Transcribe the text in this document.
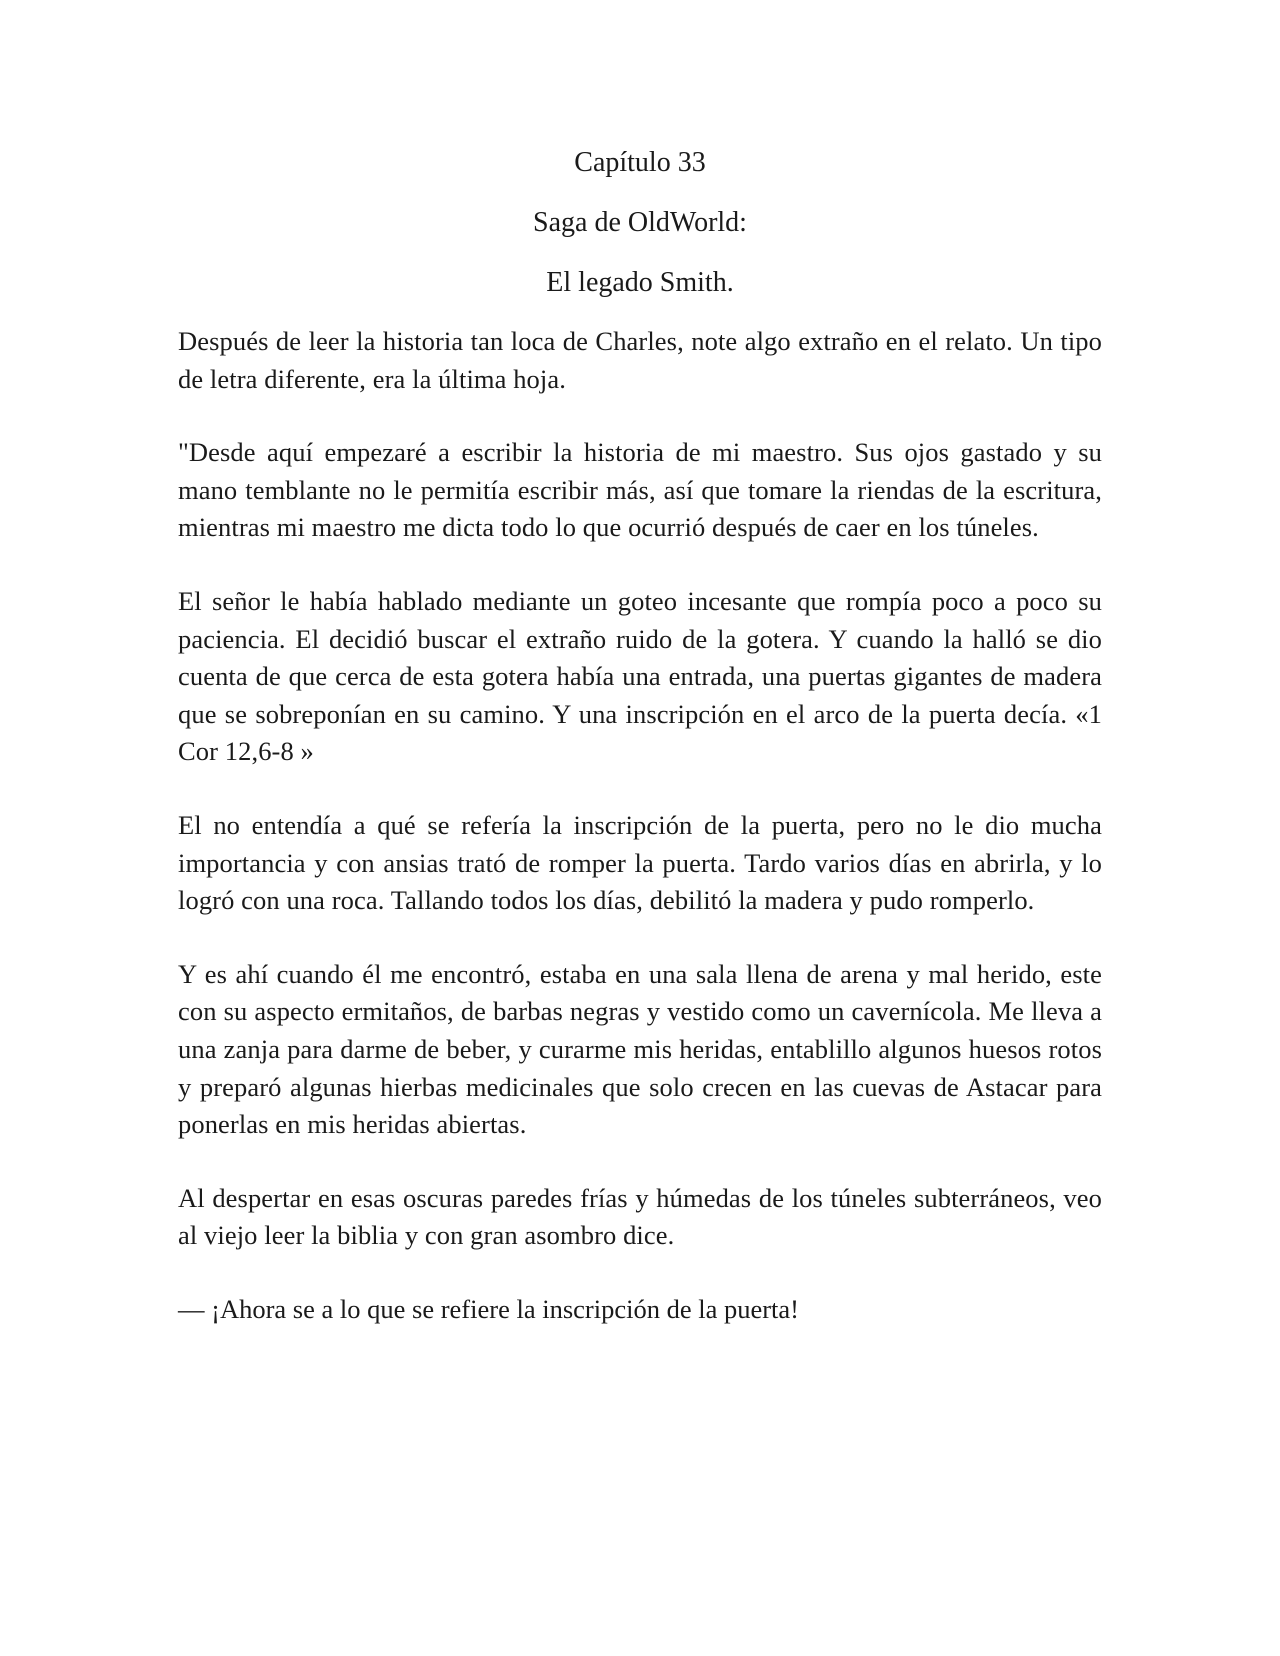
Capítulo 33
Saga de OldWorld:
El legado Smith.

Después de leer la historia tan loca de Charles, note algo extraño en el relato. Un tipo de letra diferente, era la última hoja.

"Desde aquí empezaré a escribir la historia de mi maestro. Sus ojos gastado y su mano temblante no le permitía escribir más, así que tomare la riendas de la escritura, mientras mi maestro me dicta todo lo que ocurrió después de caer en los túneles.

El señor le había hablado mediante un goteo incesante que rompía poco a poco su paciencia. El decidió buscar el extraño ruido de la gotera. Y cuando la halló se dio cuenta de que cerca de esta gotera había una entrada, una puertas gigantes de madera que se sobreponían en su camino. Y una inscripción en el arco de la puerta decía. «1 Cor 12,6-8 »

El no entendía a qué se refería la inscripción de la puerta, pero no le dio mucha importancia y con ansias trató de romper la puerta. Tardo varios días en abrirla, y lo logró con una roca. Tallando todos los días, debilitó la madera y pudo romperlo.

Y es ahí cuando él me encontró, estaba en una sala llena de arena y mal herido, este con su aspecto ermitaños, de barbas negras y vestido como un cavernícola. Me lleva a una zanja para darme de beber, y curarme mis heridas, entablillo algunos huesos rotos y preparó algunas hierbas medicinales que solo crecen en las cuevas de Astacar para ponerlas en mis heridas abiertas.

Al despertar en esas oscuras paredes frías y húmedas de los túneles subterráneos, veo al viejo leer la biblia y con gran asombro dice.

— ¡Ahora se a lo que se refiere la inscripción de la puerta!
